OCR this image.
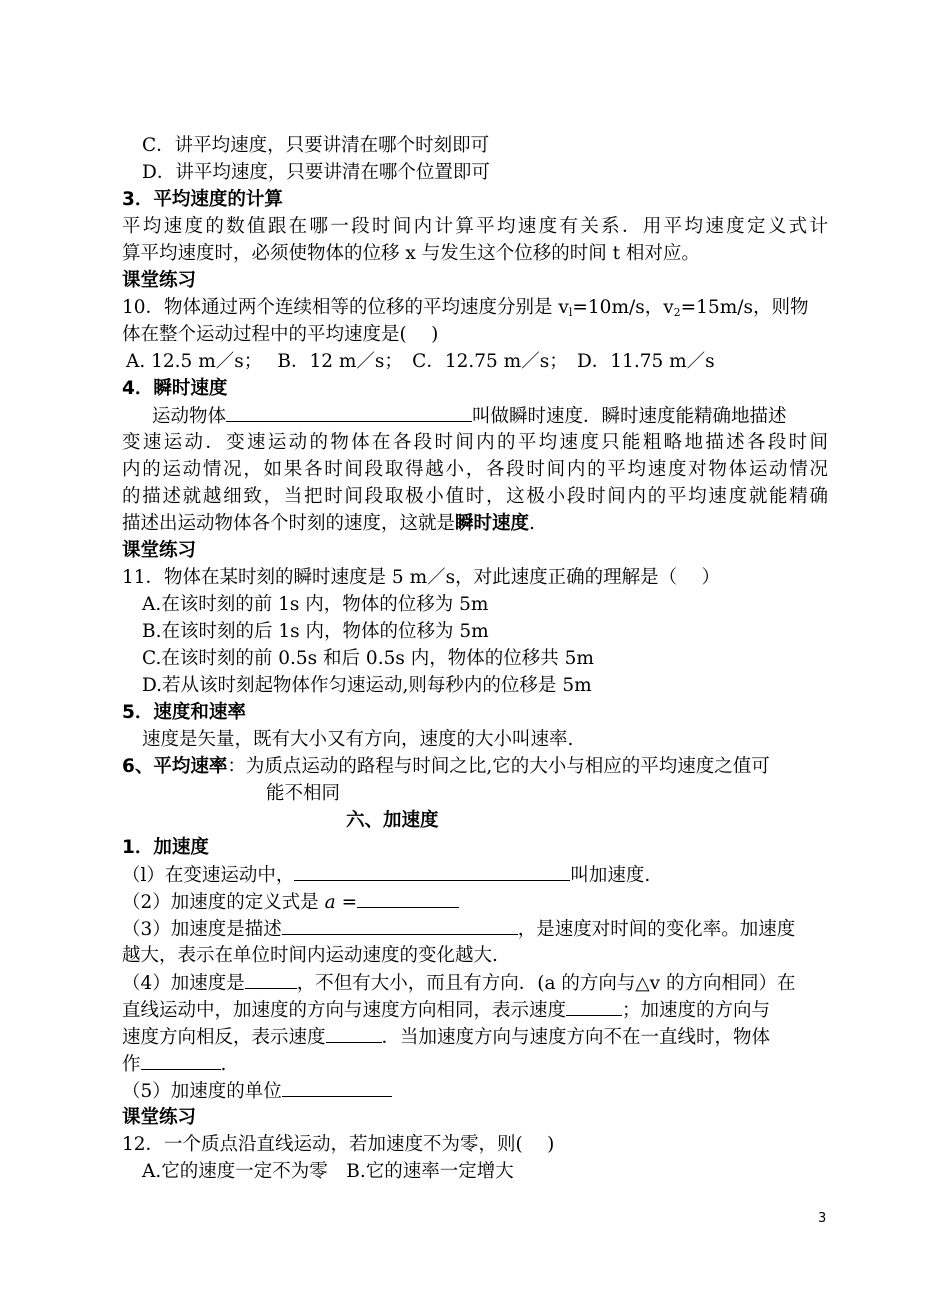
C．讲平均速度，只要讲清在哪个时刻即可
D．讲平均速度，只要讲清在哪个位置即可
3．平均速度的计算
平均速度的数值跟在哪一段时间内计算平均速度有关系．用平均速度定义式计
算平均速度时，必须使物体的位移 x 与发生这个位移的时间 t 相对应。
课堂练习
10．物体通过两个连续相等的位移的平均速度分别是 $v_l=10m/s$，$v_2=15m/s$，则物
体在整个运动过程中的平均速度是(　 )
A. 12.5 m／s；　 B．12 m／s；　C．12.75 m／s；　D．11.75 m／s
4．瞬时速度
运动物体	叫做瞬时速度．瞬时速度能精确地描述
变速运动．变速运动的物体在各段时间内的平均速度只能粗略地描述各段时间
内的运动情况，如果各时间段取得越小，各段时间内的平均速度对物体运动情况
的描述就越细致，当把时间段取极小值时，这极小段时间内的平均速度就能精确
描述出运动物体各个时刻的速度，这就是瞬时速度.
课堂练习
11．物体在某时刻的瞬时速度是 5 m／s，对此速度正确的理解是（　 ）
A.在该时刻的前 1s 内，物体的位移为 5m
B.在该时刻的后 1s 内，物体的位移为 5m
C.在该时刻的前 0.5s 和后 0.5s 内，物体的位移共 5m
D.若从该时刻起物体作匀速运动,则每秒内的位移是 5m
5．速度和速率
速度是矢量，既有大小又有方向，速度的大小叫速率.
6、平均速率：为质点运动的路程与时间之比,它的大小与相应的平均速度之值可
能不相同
六、加速度
1．加速度
（l）在变速运动中，	叫加速度.
（2）加速度的定义式是 a =
（3）加速度是描述	，是速度对时间的变化率。加速度
越大，表示在单位时间内运动速度的变化越大.
（4）加速度是	，不但有大小，而且有方向．(a 的方向与△v 的方向相同）在
直线运动中，加速度的方向与速度方向相同，表示速度	；加速度的方向与
速度方向相反，表示速度	．当加速度方向与速度方向不在一直线时，物体
作	.
（5）加速度的单位
课堂练习
12．一个质点沿直线运动，若加速度不为零，则(　 )
A.它的速度一定不为零　B.它的速率一定增大
3
